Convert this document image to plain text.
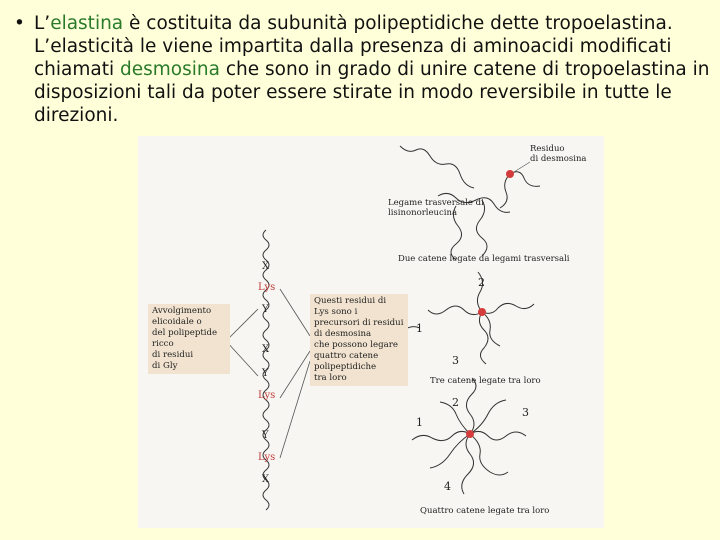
• L’elastina è costituita da subunità polipeptidiche dette tropoelastina. L’elasticità le viene impartita dalla presenza di aminoacidi modificati chiamati desmosina che sono in grado di unire catene di tropoelastina in disposizioni tali da poter essere stirate in modo reversibile in tutte le direzioni.
Residuo
di desmosina
Legame trasversale di
lisinonorleucina
Due catene legate da legami trasversali
Tre catene legate tra loro
Quattro catene legate tra loro
Avvolgimento
elicoidale o
del polipeptide
ricco
di residui
di Gly
Questi residui di
Lys sono i
precursori di residui
di desmosina
che possono legare
quattro catene
polipeptidiche
tra loro
X
Lys
Y
X
Y
Lys
Y
Lys
X
2
1
3
2
1
3
4
